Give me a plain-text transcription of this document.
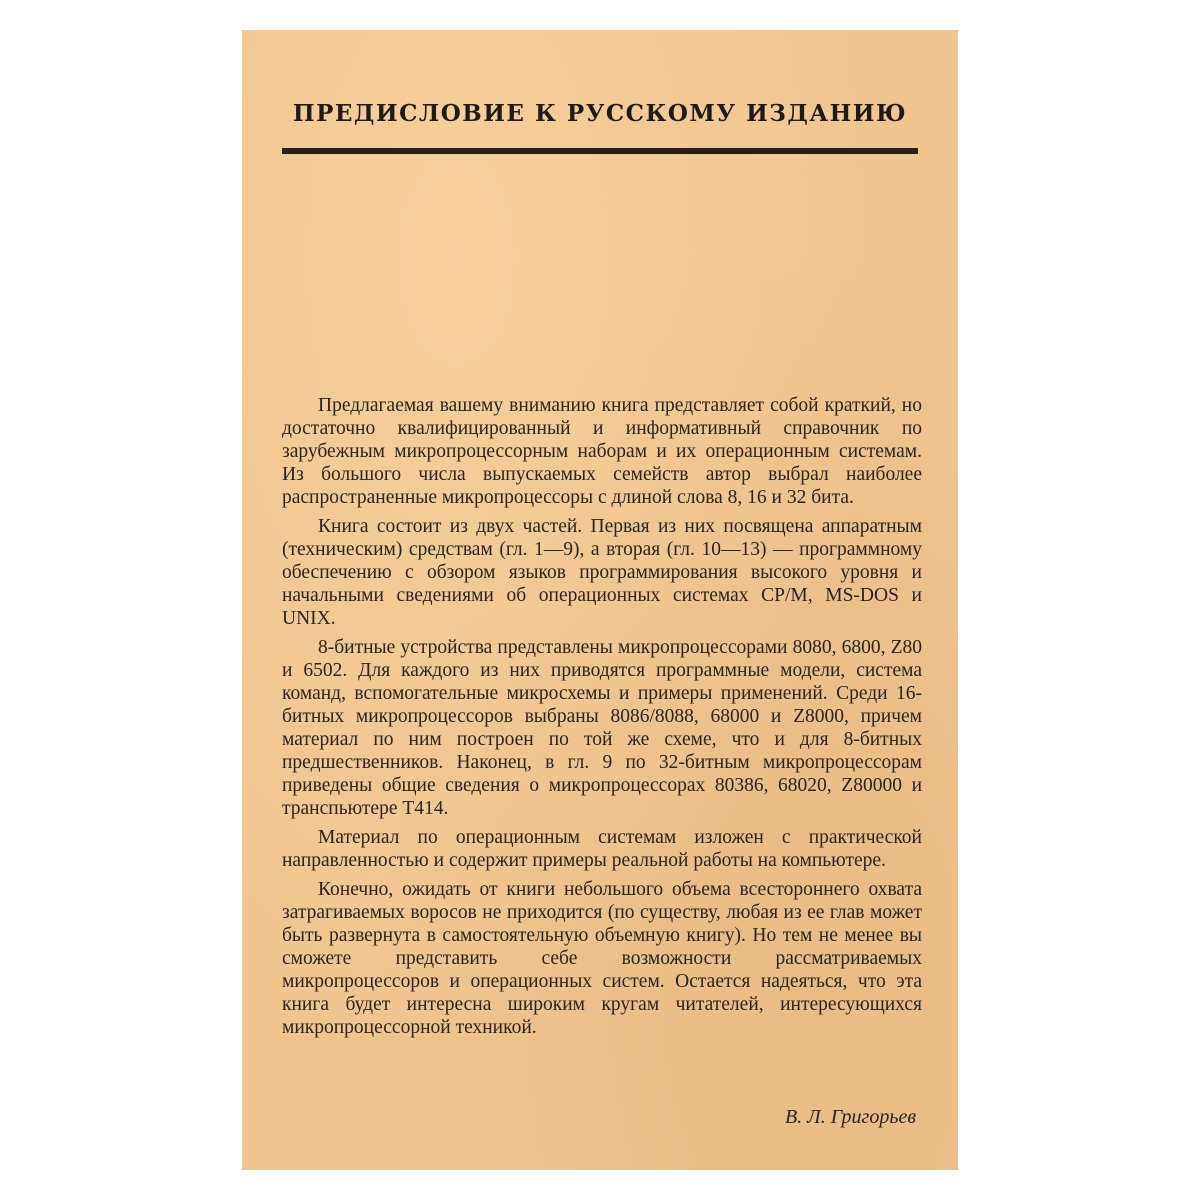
ПРЕДИСЛОВИЕ К РУССКОМУ ИЗДАНИЮ

Предлагаемая вашему вниманию книга представляет собой краткий, но достаточно квалифицированный и информативный справочник по зарубежным микропроцессорным наборам и их операционным системам. Из большого числа выпускаемых семейств автор выбрал наиболее распространенные микропроцессоры с длиной слова 8, 16 и 32 бита.

Книга состоит из двух частей. Первая из них посвящена аппаратным (техническим) средствам (гл. 1—9), а вторая (гл. 10—13) — программному обеспечению с обзором языков программирования высокого уровня и начальными сведениями об операционных системах CP/M, MS-DOS и UNIX.

8-битные устройства представлены микропроцессорами 8080, 6800, Z80 и 6502. Для каждого из них приводятся программные модели, система команд, вспомогательные микросхемы и примеры применений. Среди 16-битных микропроцессоров выбраны 8086/8088, 68000 и Z8000, причем материал по ним построен по той же схеме, что и для 8-битных предшественников. Наконец, в гл. 9 по 32-битным микропроцессорам приведены общие сведения о микропроцессорах 80386, 68020, Z80000 и транспьютере T414.

Материал по операционным системам изложен с практической направленностью и содержит примеры реальной работы на компьютере.

Конечно, ожидать от книги небольшого объема всестороннего охвата затрагиваемых воросов не приходится (по существу, любая из ее глав может быть развернута в самостоятельную объемную книгу). Но тем не менее вы сможете представить себе возможности рассматриваемых микропроцессоров и операционных систем. Остается надеяться, что эта книга будет интересна широким кругам читателей, интересующихся микропроцессорной техникой.

В. Л. Григорьев
